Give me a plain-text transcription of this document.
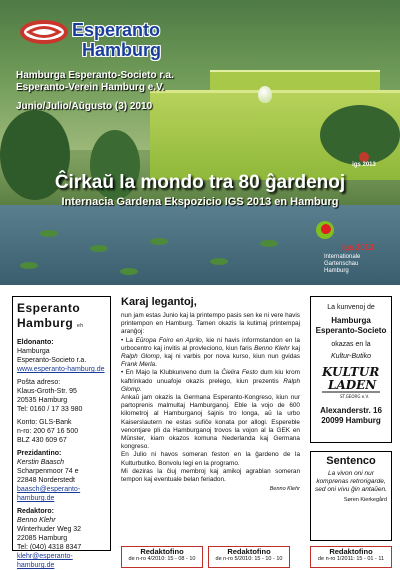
Esperanto
Hamburg
Hamburga Esperanto-Societo r.a.
Esperanto-Verein Hamburg e.V.
Junio/Julio/Aŭgusto (3) 2010
igs 2013
Ĉirkaŭ la mondo tra 80 ĝardenoj
Internacia Gardena Ekspozicio IGS 2013 en Hamburg
igs 2013
Internationale
Gartenschau
Hamburg
Esperanto
Hamburg eh
Eldonanto:
Hamburga
Esperanto-Societo r.a.
www.esperanto-hamburg.de
Poŝta adreso:
Klaus-Groth-Str. 95
20535 Hamburg
Tel: 0160 / 17 33 980
Konto: GLS-Bank
n-ro: 200 67 16 500
BLZ 430 609 67
Prezidantino:
Kerstin Baasch
Scharpenmoor 74 e
22848 Norderstedt
baasch@esperanto-hamburg.de
Redaktoro:
Benno Klehr
Winterhuder Weg 32
22085 Hamburg
Tel: (040) 4318 8347
klehr@esperanto-hamburg.de
Karaj legantoj,
nun jam estas Junio kaj la printempo pasis sen ke ni vere havis printempon en Hamburg. Tamen okazis la kutimaj printempaj aranĝoj:
• La Eŭropa Foiro en Aprilo, kie ni havis informstandon en la urbocentro kaj invitis al provleciono, kiun faris Benno Klehr kaj Ralph Glomp, kaj ni varbis por nova kurso, kiun nun gvidas Frank Merla.
• En Majo la Klubkunveno dum la Ĉielira Festo dum kiu krom kaftrinkado unuafoje okazis prelego, kiun prezentis Ralph Glomp.
Ankaŭ jam okazis la Germana Esperanto-Kongreso, kiun nur partoprenis malmultaj Hamburganoj. Eble la vojo de 600 kilometroj al Hamburganoj ŝajnis tro longa, aŭ la urbo Kaiserslautern ne estas sufiĉe konata por allogi. Espereble venontjare pli da Hamburganoj trovos la vojon al la GEK en Münster, kiam okazos komuna Nederlanda kaj Germana kongreso.
En Julio ni havos someran feston en la ĝardeno de la Kulturbutiko. Bonvolu legi en la programo.
Mi deziras la ĉiuj membroj kaj amikoj agrablan someran tempon kaj eventuale belan feriadon.
Benno Klehr
La kunvenoj de
Hamburga
Esperanto-Societo
okazas en la
Kultur-Butiko
KULTUR
LADEN
ST.GEORG e.V.
Alexanderstr. 16
20099 Hamburg
Sentenco
La vivon oni nur komprenas retrorigarde, sed oni vivu ĝin antaŭen.
Søren Kierkegård
Redaktofino
de n-ro 4/2010: 15 - 08 - 10
Redaktofino
de n-ro 5/2010: 15 - 10 - 10
Redaktofino
de n-ro 1/2011: 15 - 01 - 11
